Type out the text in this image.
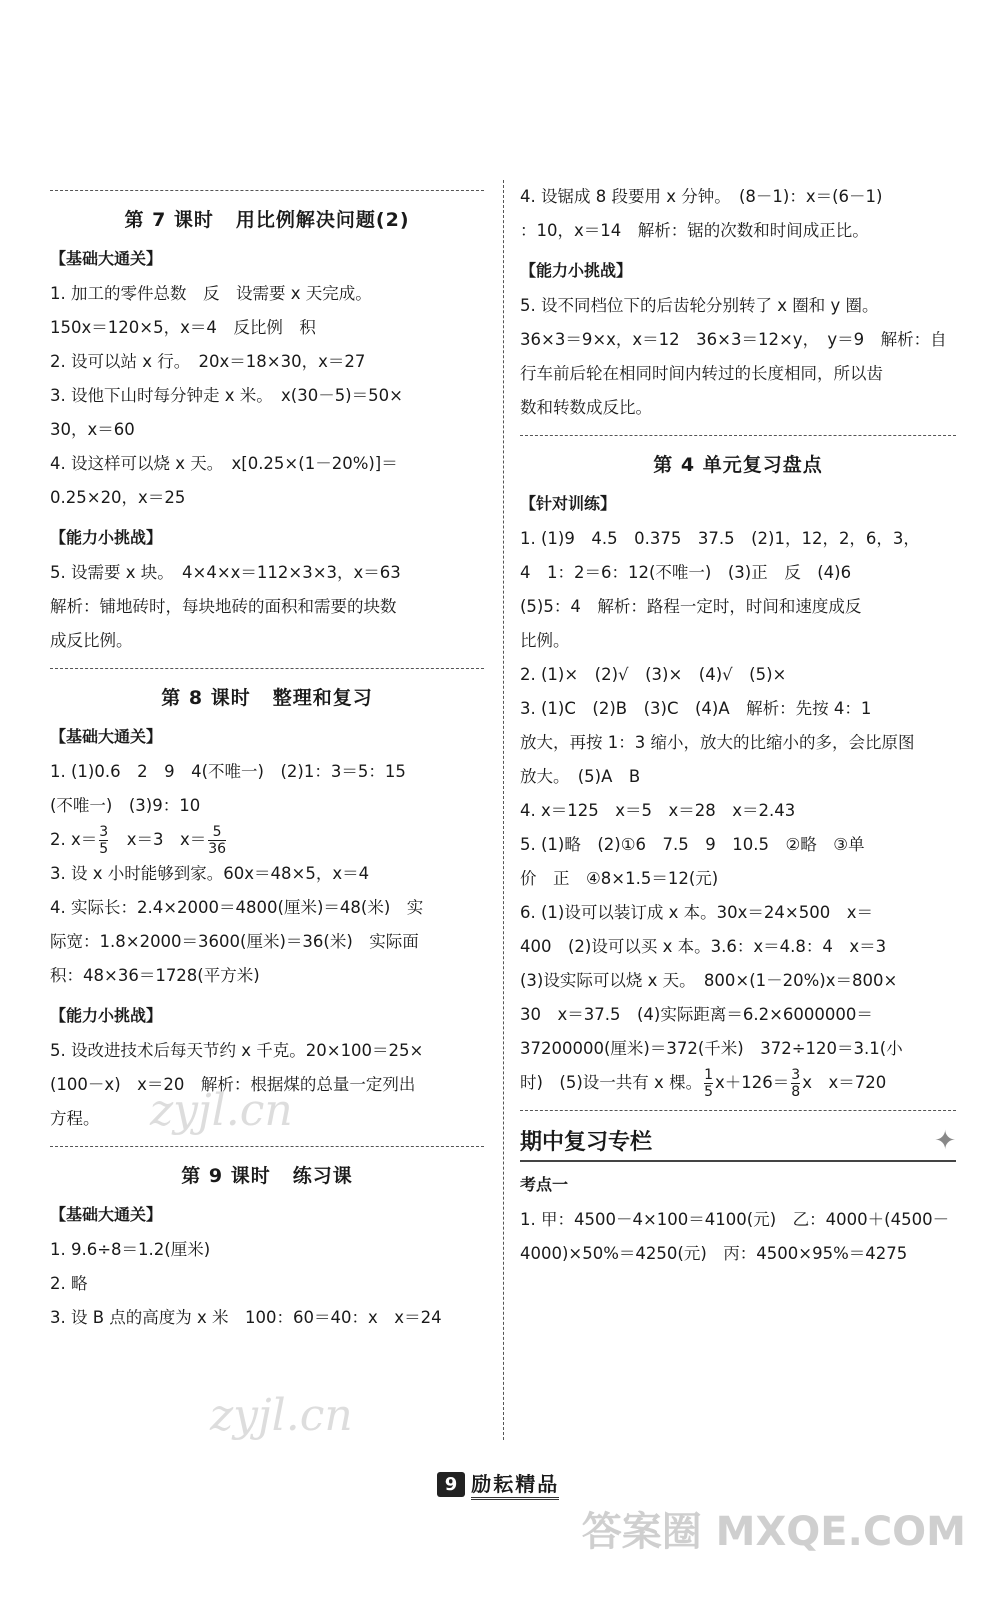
第 7 课时 用比例解决问题(2)
【基础大通关】
1. 加工的零件总数　反　设需要 x 天完成。
150x＝120×5，x＝4　反比例　积
2. 设可以站 x 行。　20x＝18×30，x＝27
3. 设他下山时每分钟走 x 米。　x(30－5)＝50×
30，x＝60
4. 设这样可以烧 x 天。　x[0.25×(1－20%)]＝
0.25×20，x＝25
【能力小挑战】
5. 设需要 x 块。　4×4×x＝112×3×3，x＝63
解析：铺地砖时，每块地砖的面积和需要的块数
成反比例。
第 8 课时 整理和复习
【基础大通关】
1. (1)0.6　2　9　4(不唯一)　(2)1：3＝5：15
(不唯一)　(3)9：10
2. $x= \frac{3}{5}$ 　x＝3　$x= \frac{5}{36}$
3. 设 x 小时能够到家。60x＝48×5，x＝4
4. 实际长：2.4×2000＝4800(厘米)＝48(米)　实
际宽：1.8×2000＝3600(厘米)＝36(米)　实际面
积：48×36＝1728(平方米)
【能力小挑战】
5. 设改进技术后每天节约 x 千克。20×100＝25×
(100－x)　x＝20　解析：根据煤的总量一定列出
方程。
第 9 课时 练习课
【基础大通关】
1. 9.6÷8＝1.2(厘米)
2. 略
3. 设 B 点的高度为 x 米　100：60＝40：x　x＝24
4. 设锯成 8 段要用 x 分钟。　(8－1)：x＝(6－1)
：10，x＝14　解析：锯的次数和时间成正比。
【能力小挑战】
5. 设不同档位下的后齿轮分别转了 x 圈和 y 圈。
36×3＝9×x，x＝12　36×3＝12×y，　y＝9　解析：自
行车前后轮在相同时间内转过的长度相同，所以齿
数和转数成反比。
第 4 单元复习盘点
【针对训练】
1. (1)9　4.5　0.375　37.5　(2)1，12，2，6，3，
4　1：2＝6：12(不唯一)　(3)正　反　(4)6
(5)5：4　解析：路程一定时，时间和速度成反
比例。
2. (1)×　(2)√　(3)×　(4)√　(5)×
3. (1)C　(2)B　(3)C　(4)A　解析：先按 4：1
放大，再按 1：3 缩小，放大的比缩小的多，会比原图
放大。　(5)A　B
4. x＝125　x＝5　x＝28　x＝2.43
5. (1)略　(2)①6　7.5　9　10.5　②略　③单
价　正　④8×1.5＝12(元)
6. (1)设可以装订成 x 本。30x＝24×500　x＝
400　(2)设可以买 x 本。3.6：x＝4.8：4　x＝3
(3)设实际可以烧 x 天。　800×(1－20%)x＝800×
30　x＝37.5　(4)实际距离＝6.2×6000000＝
37200000(厘米)＝372(千米)　372÷120＝3.1(小
时)　(5)设一共有 x 棵。 $\frac{1}{5} x+126= \frac{3}{8}$ x　x＝720
期中复习专栏	✦
考点一
1. 甲：4500－4×100＝4100(元)　乙：4000＋(4500－
4000)×50%＝4250(元)　丙：4500×95%＝4275
zyjl.cn
zyjl.cn
答案圈 MXQE.COM
9 励耘精品
